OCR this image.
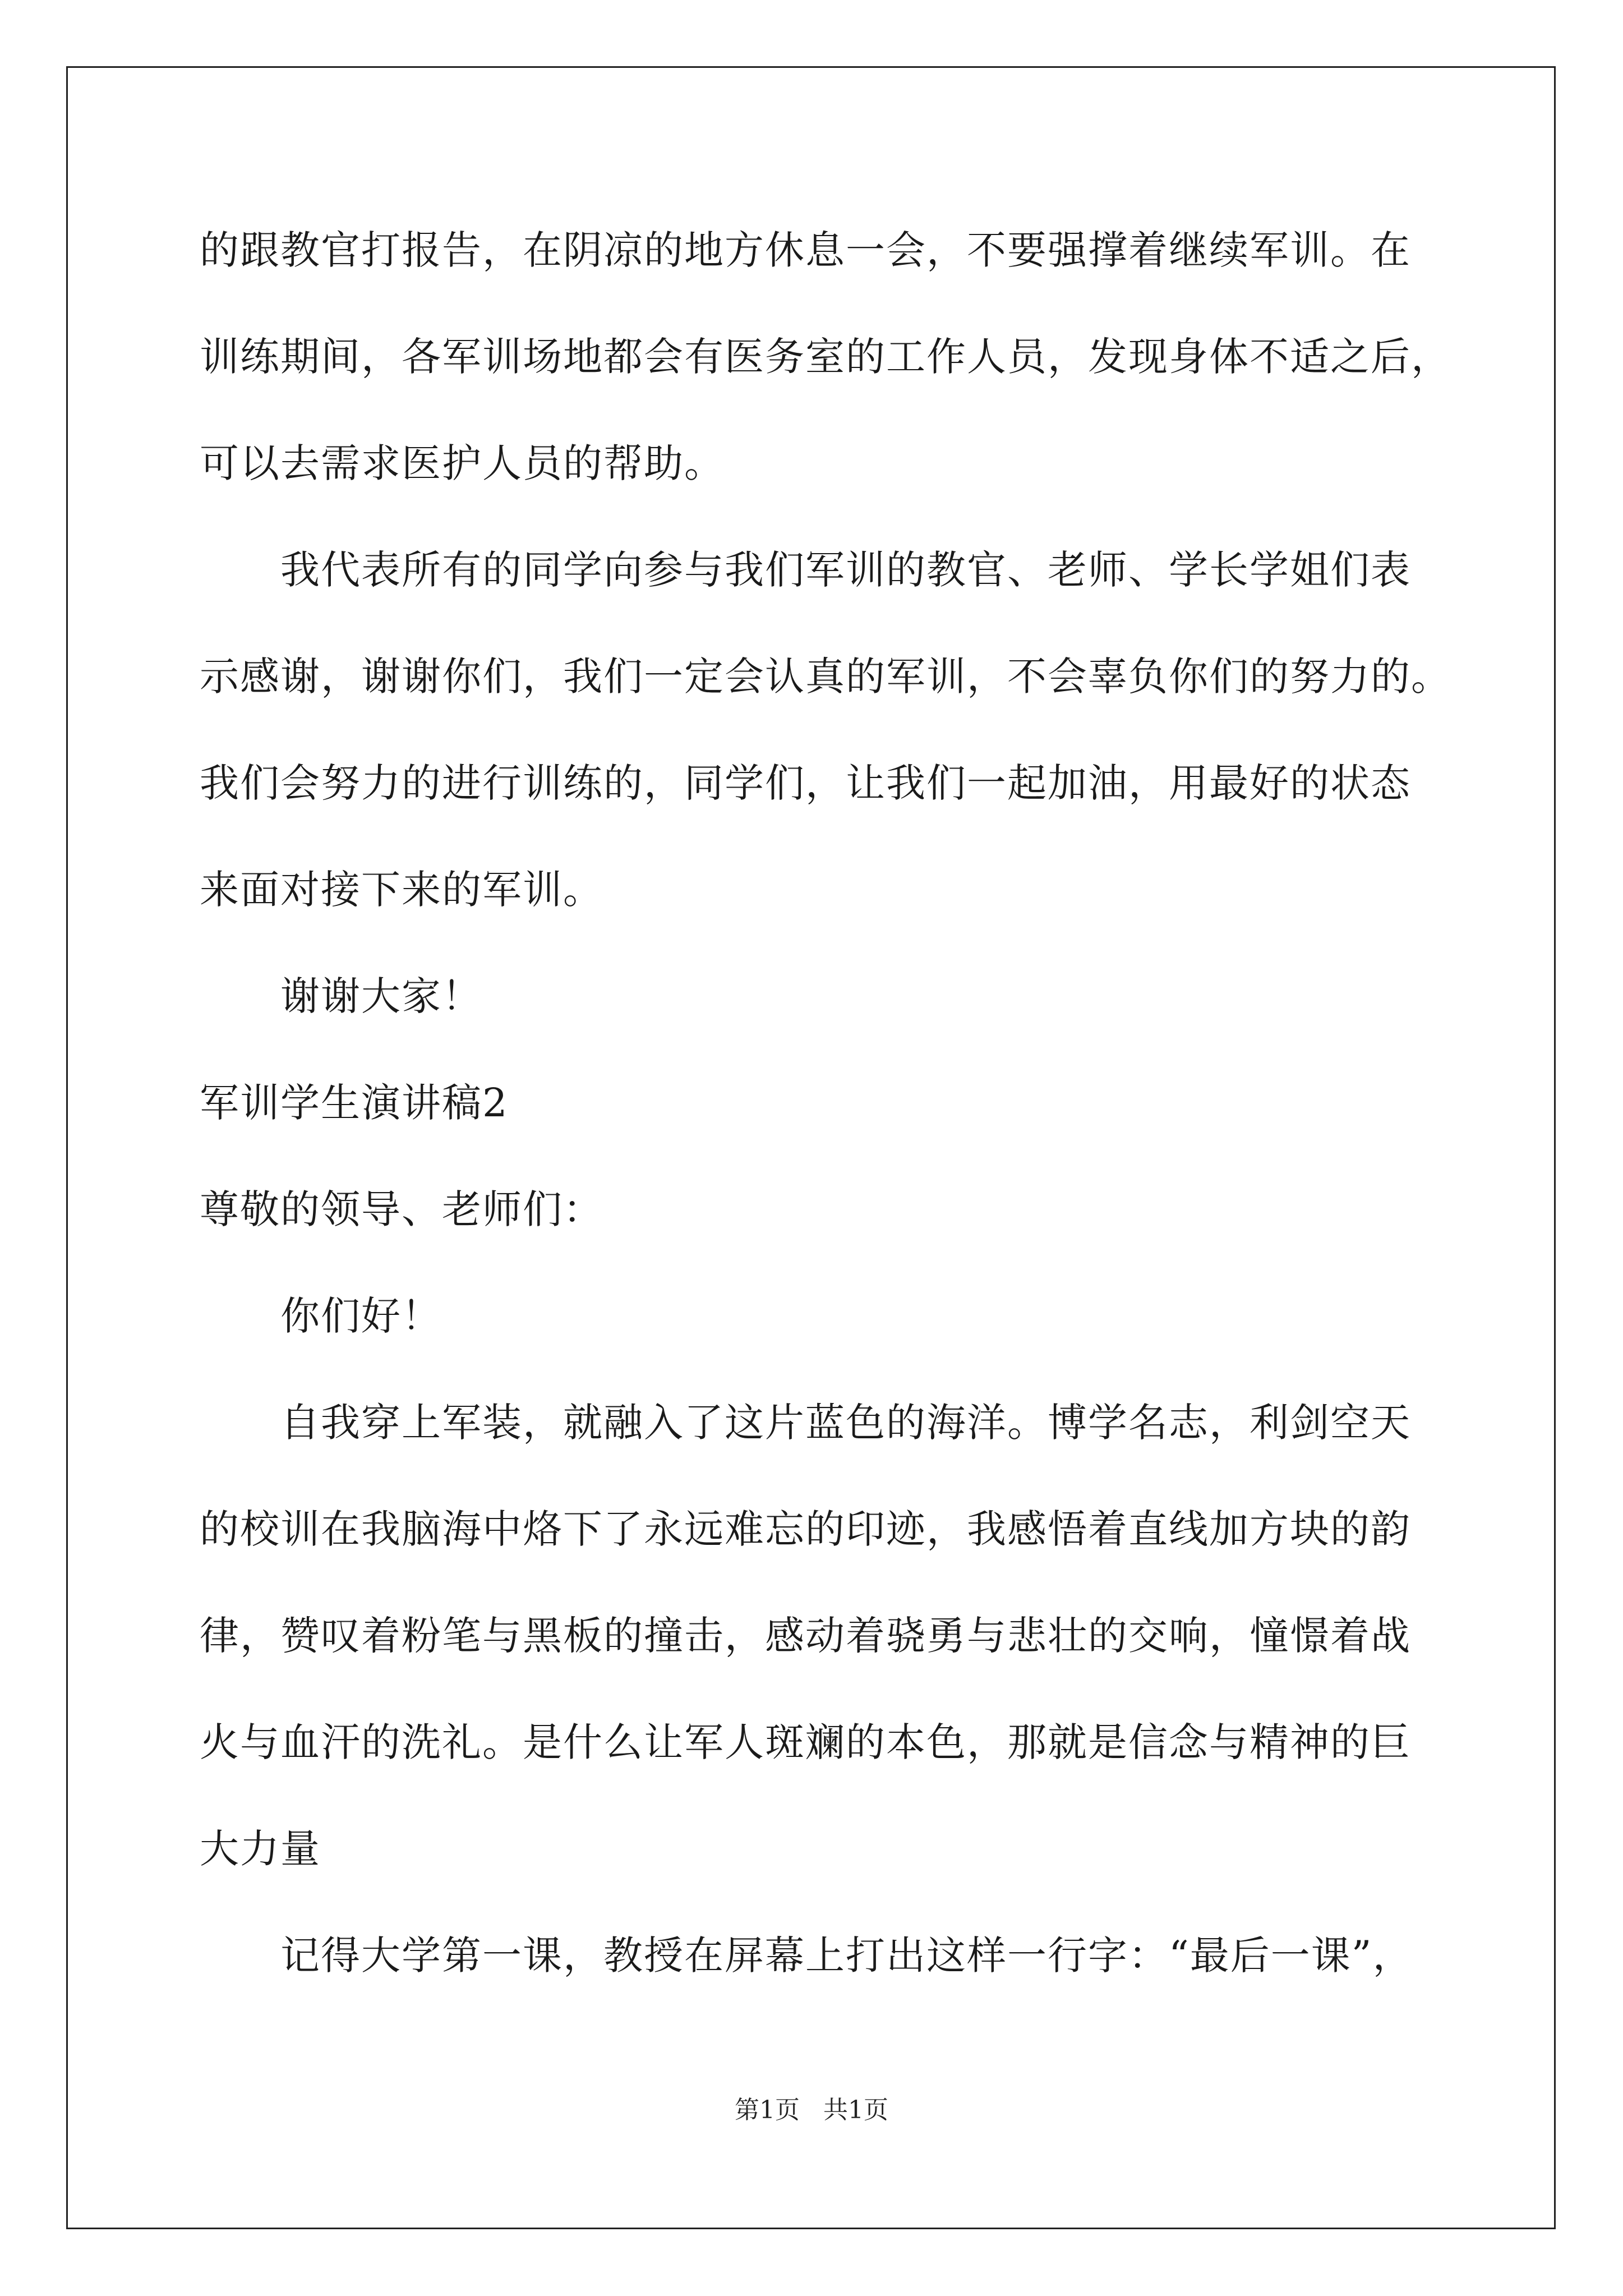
的跟教官打报告，在阴凉的地方休息一会，不要强撑着继续军训。在
训练期间，各军训场地都会有医务室的工作人员，发现身体不适之后，
可以去需求医护人员的帮助。
我代表所有的同学向参与我们军训的教官、老师、学长学姐们表
示感谢，谢谢你们，我们一定会认真的军训，不会辜负你们的努力的。
我们会努力的进行训练的，同学们，让我们一起加油，用最好的状态
来面对接下来的军训。
谢谢大家！
军训学生演讲稿2
尊敬的领导、老师们：
你们好！
自我穿上军装，就融入了这片蓝色的海洋。博学名志，利剑空天
的校训在我脑海中烙下了永远难忘的印迹，我感悟着直线加方块的韵
律，赞叹着粉笔与黑板的撞击，感动着骁勇与悲壮的交响，憧憬着战
火与血汗的洗礼。是什么让军人斑斓的本色，那就是信念与精神的巨
大力量
记得大学第一课，教授在屏幕上打出这样一行字：“最后一课”，
第1页   共1页
